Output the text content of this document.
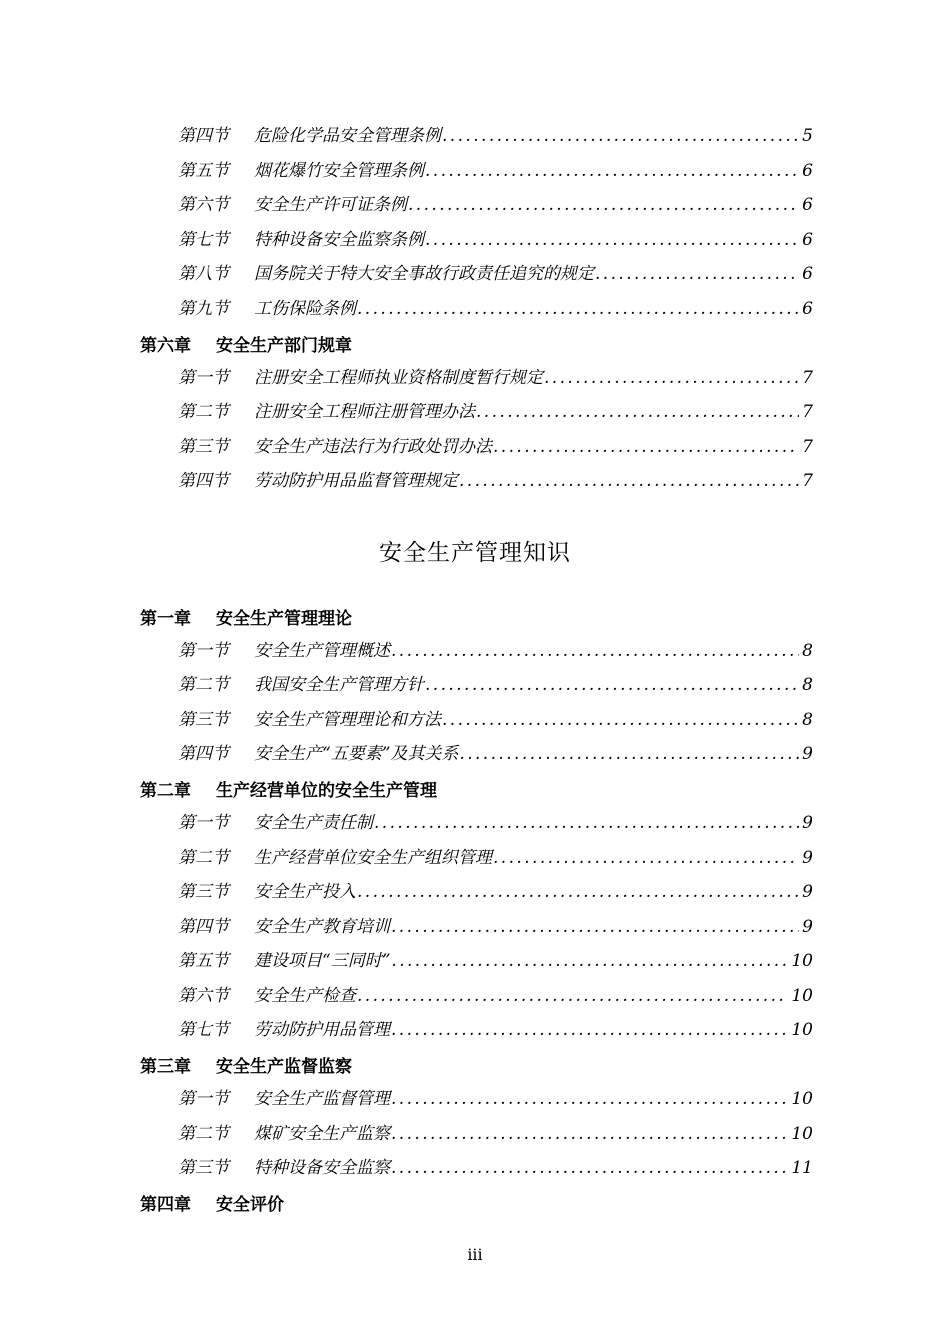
第四节	危险化学品安全管理条例 .....	5
第五节	烟花爆竹安全管理条例 .....	6
第六节	安全生产许可证条例 .....	6
第七节	特种设备安全监察条例 .....	6
第八节	国务院关于特大安全事故行政责任追究的规定 .....	6
第九节	工伤保险条例 .....	6
第六章 安全生产部门规章
第一节	注册安全工程师执业资格制度暂行规定 .....	7
第二节	注册安全工程师注册管理办法 .....	7
第三节	安全生产违法行为行政处罚办法 .....	7
第四节	劳动防护用品监督管理规定 .....	7
安全生产管理知识
第一章 安全生产管理理论
第一节	安全生产管理概述 .....	8
第二节	我国安全生产管理方针 .....	8
第三节	安全生产管理理论和方法 .....	8
第四节	安全生产“五要素”及其关系 .....	9
第二章 生产经营单位的安全生产管理
第一节	安全生产责任制 .....	9
第二节	生产经营单位安全生产组织管理 .....	9
第三节	安全生产投入 .....	9
第四节	安全生产教育培训 .....	9
第五节	建设项目“三同时” .....	10
第六节	安全生产检查 .....	10
第七节	劳动防护用品管理 .....	10
第三章 安全生产监督监察
第一节	安全生产监督管理 .....	10
第二节	煤矿安全生产监察 .....	10
第三节	特种设备安全监察 .....	11
第四章 安全评价
iii
